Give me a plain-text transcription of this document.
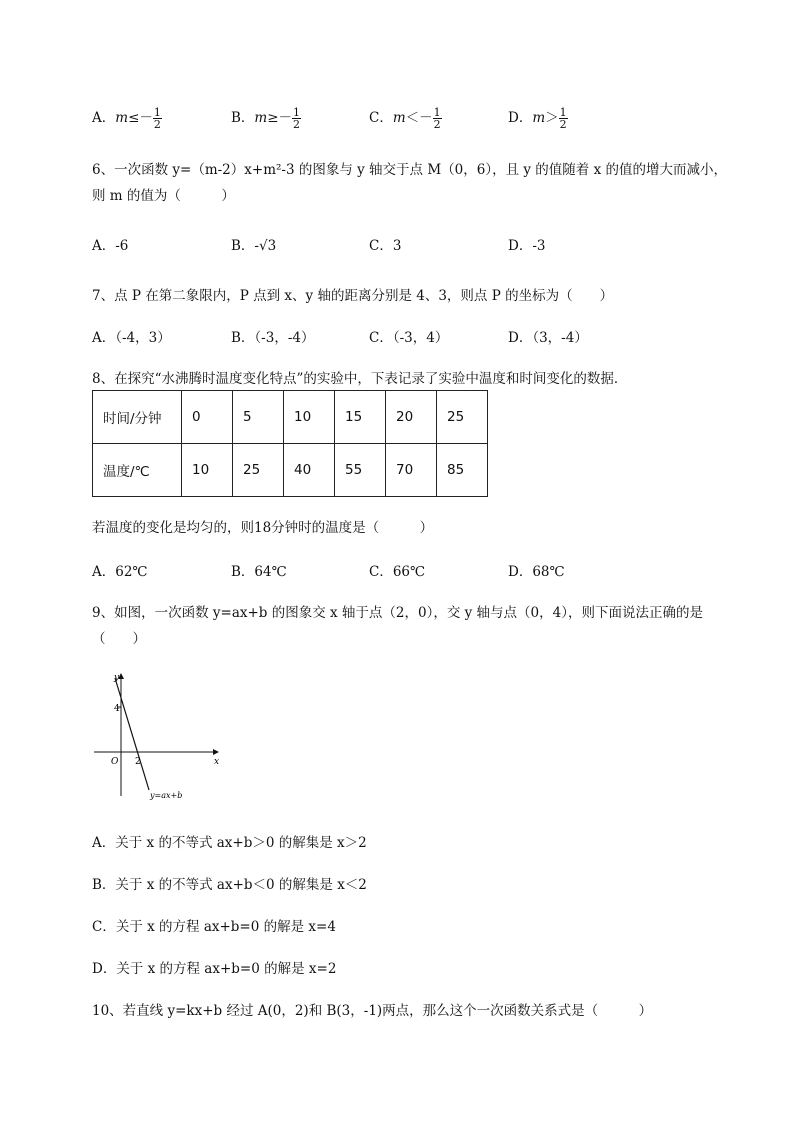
A．$m\le- \frac{1}{2}$	B．$m\ge- \frac{1}{2}$	C．$m<- \frac{1}{2}$	D．$m> \frac{1}{2}$
6、一次函数 y=（m-2）x+m²-3 的图象与 y 轴交于点 M（0，6），且 y 的值随着 x 的值的增大而减小，
则 m 的值为（　　　）
A．-6	B．-√3	C．3	D．-3
7、点 P 在第二象限内，P 点到 x、y 轴的距离分别是 4、3，则点 P 的坐标为（　　）
A．（-4，3）	B．（-3，-4）	C．（-3，4）	D．（3，-4）
8、在探究“水沸腾时温度变化特点”的实验中，下表记录了实验中温度和时间变化的数据．
时间/分钟	0	5	10	15	20	25
温度/℃	10	25	40	55	70	85
若温度的变化是均匀的，则18分钟时的温度是（　　　）
A．62℃	B．64℃	C．66℃	D．68℃
9、如图，一次函数 y=ax+b 的图象交 x 轴于点（2，0），交 y 轴与点（0，4），则下面说法正确的是
（　　）
y
x
O
4
2
y=ax+b
A．关于 x 的不等式 ax+b＞0 的解集是 x＞2
B．关于 x 的不等式 ax+b＜0 的解集是 x＜2
C．关于 x 的方程 ax+b=0 的解是 x=4
D．关于 x 的方程 ax+b=0 的解是 x=2
10、若直线 y=kx+b 经过 A(0，2)和 B(3，-1)两点，那么这个一次函数关系式是（　　　）
